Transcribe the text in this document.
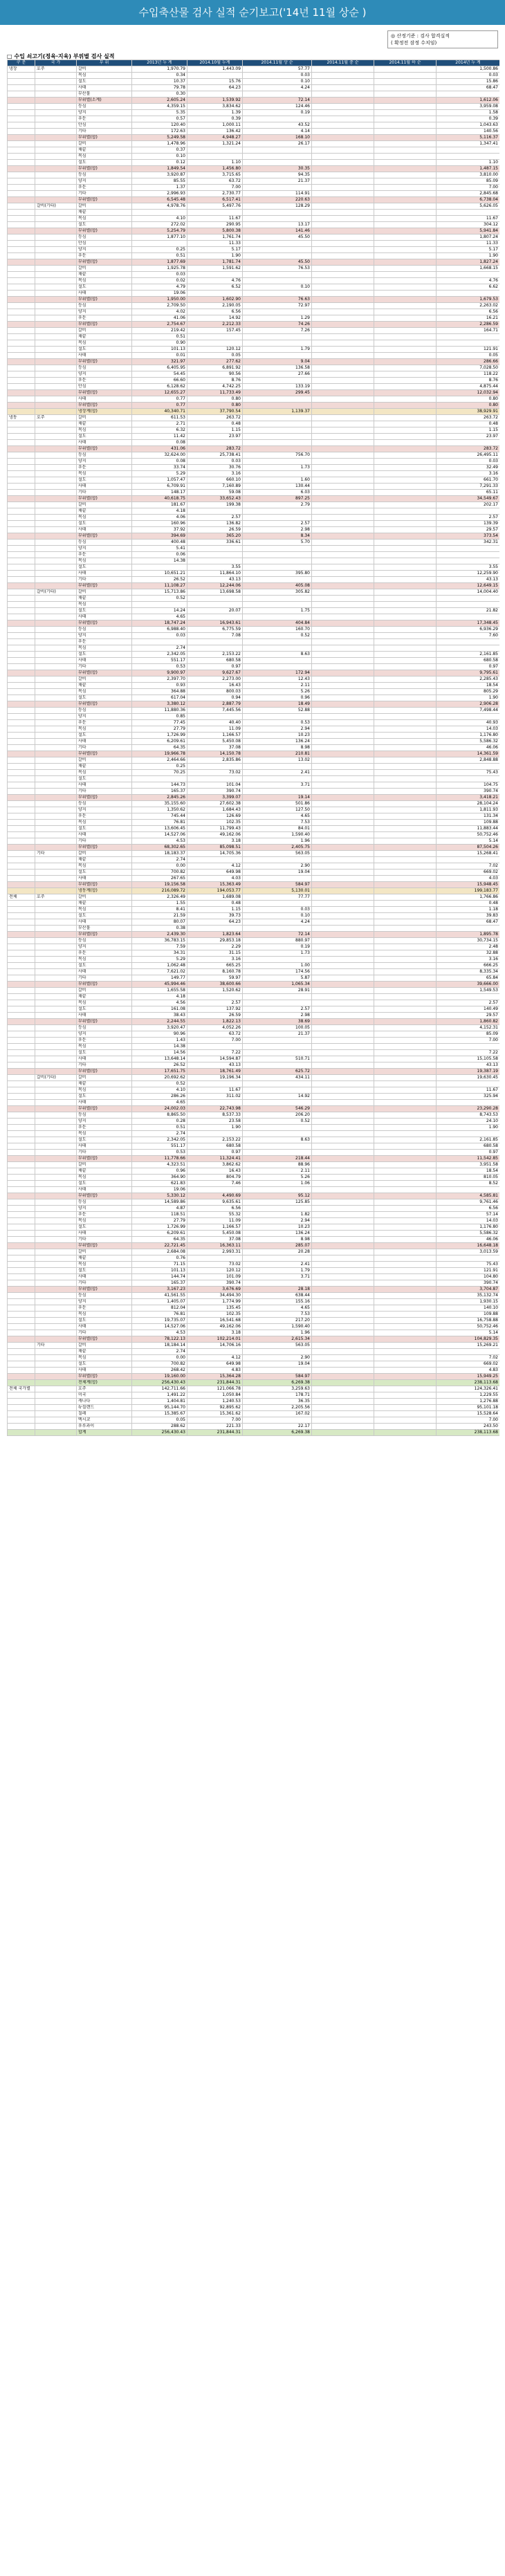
수입축산물 검사 실적 순기보고('14년 11월 상순 )
◎ 산정기준 : 검사 합격실적
( 확정전 잠정 수치임)
□ 수입 쇠고기(정육·지육) 부위별 검사 실적
구 분	국 가	부 위	2013년 누 계	2014.10월 누계	2014.11월 상 순	2014.11월 중 순	2014.11월 하 순	2014년 누 계
냉장	호주	갈비	1,970.79	1,443.09	57.77			1,500.86
		목심	0.34		0.03			0.03
		설도	10.37	15.76	0.10			15.86
		사태	79.78	64.23	4.24			68.47
		부산물	0.30					
		부위별(소계)	2,605.24	1,539.92	72.14			1,612.06
		등심	4,359.15	3,834.62	124.46			3,959.08
		양지	5.35	1.39	0.19			1.58
		우둔	0.57	0.39				0.39
		안심	120.40	1,000.11	43.52			1,043.63
		기타	172.63	136.42	4.14			140.56
		부위별(합)	5,249.58	4,948.27	168.10			5,116.37
		갈비	1,478.96	1,321.24	26.17			1,347.41
		채끝	0.37					
		목심	0.10					
		설도	0.12	1.10				1.10
		부위별(합)	1,849.54	1,456.80	30.35			1,487.15
		등심	3,920.87	3,715.65	94.35			3,810.00
		양지	85.55	63.72	21.37			85.09
		우둔	1.37	7.00				7.00
		기타	2,996.93	2,730.77	114.91			2,845.68
		부위별(합)	6,545.48	6,517.41	220.63			6,738.04
	갈비(기타)	갈비	4,978.76	5,497.76	128.29			5,626.05
		채끝						
		목심	4.10	11.67				11.67
		설도	272.02	290.95	13.17			304.12
		부위별(합)	5,254.79	5,800.38	141.46			5,941.84
		등심	1,877.10	1,761.74	45.50			1,807.24
		안심		11.33				11.33
		양지	0.25	5.17				5.17
		우둔	0.51	1.90				1.90
		부위별(합)	1,877.69	1,781.74	45.50			1,827.24
		갈비	1,925.78	1,591.62	76.53			1,668.15
		채끝	0.03					
		목심	0.02	4.76				4.76
		설도	4.79	6.52	0.10			6.62
		사태	19.06					
		부위별(합)	1,950.00	1,602.90	76.63			1,679.53
		등심	2,709.50	2,190.05	72.97			2,263.02
		양지	4.02	6.56				6.56
		우둔	41.06	14.92	1.29			16.21
		부위별(합)	2,754.67	2,212.33	74.26			2,286.59
		갈비	219.42	157.45	7.26			164.71
		채끝	0.51					
		목심	0.90					
		설도	101.13	120.12	1.79			121.91
		사태	0.01	0.05				0.05
		부위별(합)	321.97	277.62	9.04			286.66
		등심	6,405.95	6,891.92	136.58			7,028.50
		양지	54.45	90.56	27.66			118.22
		우둔	66.60	8.76				8.76
		안심	6,128.62	4,742.25	133.19			4,875.44
		부위별(합)	12,655.27	11,733.49	299.45			12,032.94
		사태	0.77	0.80				0.80
		부위별(합)	0.77	0.80				0.80
		냉장계(합)	40,340.71	37,790.54	1,139.37			38,929.91
냉동	호주	갈비	611.53	263.72				263.72
		채끝	2.71	0.48				0.48
		목심	6.32	1.15				1.15
		설도	11.42	23.97				23.97
		사태	0.08					
		부위별(합)	431.06	283.72				283.72
		등심	32,624.00	25,738.41	756.70			26,495.11
		양지	0.08	0.03				0.03
		우둔	33.74	30.76	1.73			32.49
		목심	5.29	3.16				3.16
		설도	1,057.47	660.10	1.60			661.70
		사태	6,709.91	7,160.89	130.44			7,291.33
		기타	148.17	59.08	6.03			65.11
		부위별(합)	40,618.75	33,652.43	897.25			34,549.67
		갈비	181.67	199.38	2.79			202.17
		채끝	4.18					
		목심	4.06	2.57				2.57
		설도	160.96	136.82	2.57			139.39
		사태	37.92	26.59	2.98			29.57
		부위별(합)	394.69	365.20	8.34			373.54
		등심	400.48	336.61	5.70			342.31
		양지	5.41					
		우둔	0.06					
		목심	14.38					
		설도		3.55				3.55
		사태	10,651.21	11,864.10	395.80			12,259.90
		기타	26.52	43.13				43.13
		부위별(합)	11,108.27	12,244.06	405.08			12,649.15
	갈비(기타)	갈비	15,713.86	13,698.58	305.82			14,004.40
		채끝	0.52					
		목심						
		설도	14.24	20.07	1.75			21.82
		사태	4.65					
		부위별(합)	18,747.24	16,943.61	404.84			17,348.45
		등심	6,988.40	6,775.59	160.70			6,936.29
		양지	0.03	7.08	0.52			7.60
		우둔						
		목심	2.74					
		설도	2,342.05	2,153.22	8.63			2,161.85
		사태	551.17	680.58				680.58
		기타	0.53	0.97				0.97
		부위별(합)	9,900.97	9,627.67	172.94			9,795.61
		갈비	2,397.70	2,273.00	12.43			2,285.43
		채끝	0.93	16.43	2.11			18.54
		목심	364.88	800.03	5.26			805.29
		설도	617.04	0.94	0.96			1.90
		부위별(합)	3,380.12	2,887.79	18.49			2,906.28
		등심	11,880.36	7,445.56	52.88			7,498.44
		양지	0.85					
		우둔	77.45	40.40	0.53			40.93
		목심	27.79	11.09	2.94			14.03
		설도	1,726.99	1,166.57	10.23			1,176.80
		사태	6,209.61	5,450.08	136.24			5,586.32
		기타	64.35	37.08	8.98			46.06
		부위별(합)	19,966.78	14,150.78	210.81			14,361.59
		갈비	2,464.66	2,835.86	13.02			2,848.88
		채끝	0.25					
		목심	70.25	73.02	2.41			75.43
		설도						
		사태	144.73	101.04	3.71			104.75
		기타	165.37	390.74				390.74
		부위별(합)	2,845.26	3,399.07	19.14			3,418.21
		등심	35,155.60	27,602.38	501.86			28,104.24
		양지	1,350.62	1,684.43	127.50			1,811.93
		우둔	745.44	126.69	4.65			131.34
		목심	76.81	102.35	7.53			109.88
		설도	13,606.45	11,799.43	84.01			11,883.44
		사태	14,527.06	49,162.06	1,590.40			50,752.46
		기타	4.53	3.18	1.96			5.14
		부위별(합)	68,302.65	85,098.51	2,405.75			87,504.26
	기타	갈비	18,183.37	14,705.36	563.05			15,268.41
		채끝	2.74					
		목심	0.00	4.12	2.90			7.02
		설도	700.82	649.98	19.04			669.02
		사태	267.65	4.03				4.03
		부위별(합)	19,156.58	15,363.49	584.97			15,948.45
		냉동계(합)	216,089.72	194,053.77	5,130.01			199,183.77
전체	호주	갈비	2,326.49	1,689.08	77.77			1,766.86
		채끝	1.55	0.48				0.48
		목심	8.41	1.15	0.03			1.18
		설도	21.59	39.73	0.10			39.83
		사태	80.07	64.23	4.24			68.47
		부산물	0.38					
		부위별(합)	2,439.30	1,823.64	72.14			1,895.78
		등심	36,783.15	29,853.18	880.97			30,734.15
		양지	7.59	2.29	0.19			2.48
		우둔	34.31	31.15	1.73			32.88
		목심	5.29	3.16				3.16
		설도	1,062.48	665.25	1.00			666.25
		사태	7,621.02	8,160.78	174.56			8,335.34
		기타	149.77	59.97	5.87			65.84
		부위별(합)	45,994.46	38,600.66	1,065.34			39,666.00
		갈비	1,655.58	1,520.62	28.91			1,549.53
		채끝	4.18					
		목심	4.56	2.57				2.57
		설도	161.08	137.92	2.57			140.49
		사태	38.43	26.59	2.98			29.57
		부위별(합)	2,244.55	1,822.13	38.69			1,860.82
		등심	3,920.47	4,052.26	100.05			4,152.31
		양지	90.96	63.72	21.37			85.09
		우둔	1.43	7.00				7.00
		목심	14.38					
		설도	14.56	7.22				7.22
		사태	13,648.14	14,594.87	510.71			15,105.58
		기타	26.52	43.13				43.13
		부위별(합)	17,651.75	18,761.49	625.72			19,387.19
	갈비(기타)	갈비	20,692.62	19,196.34	434.11			19,630.45
		채끝	0.52					
		목심	4.10	11.67				11.67
		설도	286.26	311.02	14.92			325.94
		사태	4.65					
		부위별(합)	24,002.03	22,743.98	546.29			23,290.28
		등심	8,865.50	8,537.33	206.20			8,743.53
		양지	0.28	23.58	0.52			24.10
		우둔	0.51	1.90				1.90
		목심	2.74					
		설도	2,342.05	2,153.22	8.63			2,161.85
		사태	551.17	680.58				680.58
		기타	0.53	0.97				0.97
		부위별(합)	11,778.66	11,324.41	218.44			11,542.85
		갈비	4,323.51	3,862.62	88.96			3,951.58
		채끝	0.96	16.43	2.11			18.54
		목심	364.90	804.79	5.26			810.05
		설도	621.83	7.46	1.06			8.52
		사태	19.06					
		부위별(합)	5,330.12	4,490.69	95.12			4,585.81
		등심	14,589.86	9,635.61	125.85			9,761.46
		양지	4.87	6.56				6.56
		우둔	118.51	55.32	1.82			57.14
		목심	27.79	11.09	2.94			14.03
		설도	1,726.99	1,166.57	10.23			1,176.80
		사태	6,209.61	5,450.08	136.24			5,586.32
		기타	64.35	37.08	8.98			46.06
		부위별(합)	22,721.45	16,363.11	285.07			16,648.18
		갈비	2,684.08	2,993.31	20.28			3,013.59
		채끝	0.76					
		목심	71.15	73.02	2.41			75.43
		설도	101.13	120.12	1.79			121.91
		사태	144.74	101.09	3.71			104.80
		기타	165.37	390.74				390.74
		부위별(합)	3,167.23	3,676.69	28.18			3,704.87
		등심	41,561.55	34,494.30	638.44			35,132.74
		양지	1,405.07	1,774.99	155.16			1,930.15
		우둔	812.04	135.45	4.65			140.10
		목심	76.81	102.35	7.53			109.88
		설도	19,735.07	16,541.68	217.20			16,758.88
		사태	14,527.06	49,162.06	1,590.40			50,752.46
		기타	4.53	3.18	1.96			5.14
		부위별(합)	78,122.13	102,214.01	2,615.34			104,829.35
	기타	갈비	18,184.14	14,706.16	563.05			15,269.21
		채끝	2.74					
		목심	0.00	4.12	2.90			7.02
		설도	700.82	649.98	19.04			669.02
		사태	268.42	4.83				4.83
		부위별(합)	19,160.00	15,364.28	584.97			15,949.25
		전체계(합)	256,430.43	231,844.31	6,269.38			238,113.68
전체 국가별		호주	142,711.66	121,066.78	3,259.63			124,326.41
		미국	1,491.22	1,050.84	178.71			1,229.55
		캐나다	1,404.81	1,240.53	36.35			1,276.88
		뉴질랜드	95,144.70	92,895.62	2,205.56			95,101.18
		칠레	15,385.67	15,361.62	167.02			15,528.64
		멕시코	0.05	7.00				7.00
		우루과이	288.62	221.33	22.17			243.50
		합계	256,430.43	231,844.31	6,269.38			238,113.68
